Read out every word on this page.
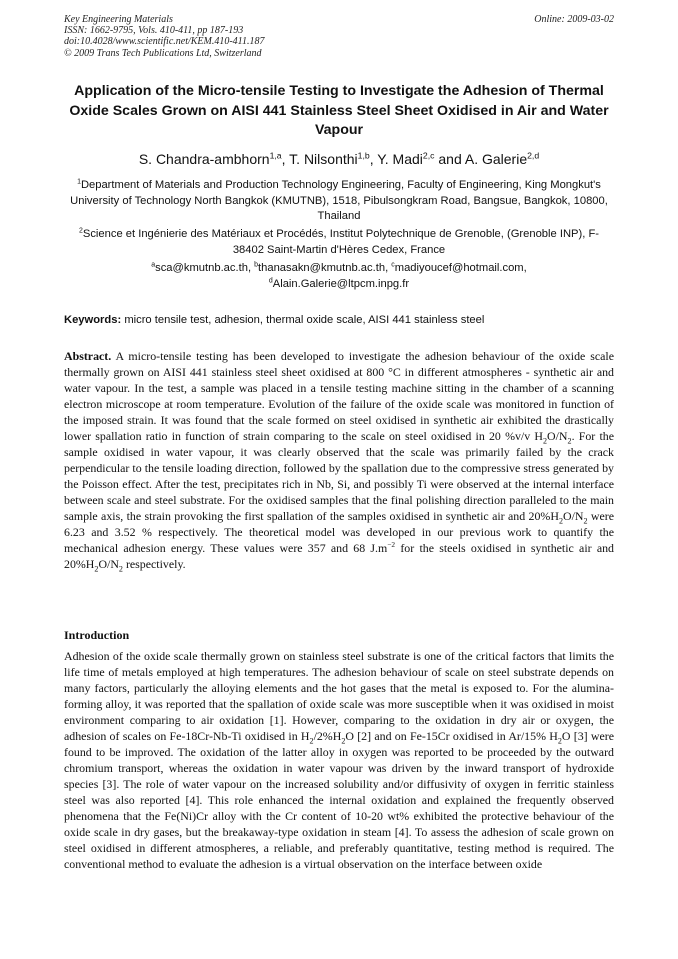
Key Engineering Materials
ISSN: 1662-9795, Vols. 410-411, pp 187-193
doi:10.4028/www.scientific.net/KEM.410-411.187
© 2009 Trans Tech Publications Ltd, Switzerland
Online: 2009-03-02
Application of the Micro-tensile Testing to Investigate the Adhesion of Thermal Oxide Scales Grown on AISI 441 Stainless Steel Sheet Oxidised in Air and Water Vapour
S. Chandra-ambhorn$^{1,a}$, T. Nilsonthi$^{1,b}$, Y. Madi$^{2,c}$ and A. Galerie$^{2,d}$
$^1$Department of Materials and Production Technology Engineering, Faculty of Engineering, King Mongkut's University of Technology North Bangkok (KMUTNB), 1518, Pibulsongkram Road, Bangsue, Bangkok, 10800, Thailand
$^2$Science et Ingénierie des Matériaux et Procédés, Institut Polytechnique de Grenoble, (Grenoble INP), F-38402 Saint-Martin d'Hères Cedex, France
$^a$sca@kmutnb.ac.th, $^b$thanasakn@kmutnb.ac.th, $^c$madiyoucef@hotmail.com,
$^d$Alain.Galerie@ltpcm.inpg.fr
Keywords: micro tensile test, adhesion, thermal oxide scale, AISI 441 stainless steel

Abstract. A micro-tensile testing has been developed to investigate the adhesion behaviour of the oxide scale thermally grown on AISI 441 stainless steel sheet oxidised at 800 °C in different atmospheres - synthetic air and water vapour. In the test, a sample was placed in a tensile testing machine sitting in the chamber of a scanning electron microscope at room temperature. Evolution of the failure of the oxide scale was monitored in function of the imposed strain. It was found that the scale formed on steel oxidised in synthetic air exhibited the drastically lower spallation ratio in function of strain comparing to the scale on steel oxidised in 20 %v/v $H_2O/N_2$. For the sample oxidised in water vapour, it was clearly observed that the scale was primarily failed by the crack perpendicular to the tensile loading direction, followed by the spallation due to the compressive stress generated by the Poisson effect. After the test, precipitates rich in Nb, Si, and possibly Ti were observed at the internal interface between scale and steel substrate. For the oxidised samples that the final polishing direction paralleled to the main sample axis, the strain provoking the first spallation of the samples oxidised in synthetic air and $20\%H_2O/N_2$ were 6.23 and 3.52 % respectively. The theoretical model was developed in our previous work to quantify the mechanical adhesion energy. These values were 357 and 68 $J.m^{-2}$ for the steels oxidised in synthetic air and $20\%H_2O/N_2$ respectively.

Introduction

Adhesion of the oxide scale thermally grown on stainless steel substrate is one of the critical factors that limits the life time of metals employed at high temperatures. The adhesion behaviour of scale on steel substrate depends on many factors, particularly the alloying elements and the hot gases that the metal is exposed to. For the alumina-forming alloy, it was reported that the spallation of oxide scale was more susceptible when it was oxidised in moist environment comparing to air oxidation [1]. However, comparing to the oxidation in dry air or oxygen, the adhesion of scales on Fe-18Cr-Nb-Ti oxidised in $H_2/2\%H_2O$ [2] and on Fe-15Cr oxidised in Ar/15% $H_2O$ [3] were found to be improved. The oxidation of the latter alloy in oxygen was reported to be proceeded by the outward chromium transport, whereas the oxidation in water vapour was driven by the inward transport of hydroxide species [3]. The role of water vapour on the increased solubility and/or diffusivity of oxygen in ferritic stainless steel was also reported [4]. This role enhanced the internal oxidation and explained the frequently observed phenomena that the Fe(Ni)Cr alloy with the Cr content of 10-20 wt% exhibited the protective behaviour of the oxide scale in dry gases, but the breakaway-type oxidation in steam [4]. To assess the adhesion of scale grown on steel oxidised in different atmospheres, a reliable, and preferably quantitative, testing method is required. The conventional method to evaluate the adhesion is a virtual observation on the interface between oxide
